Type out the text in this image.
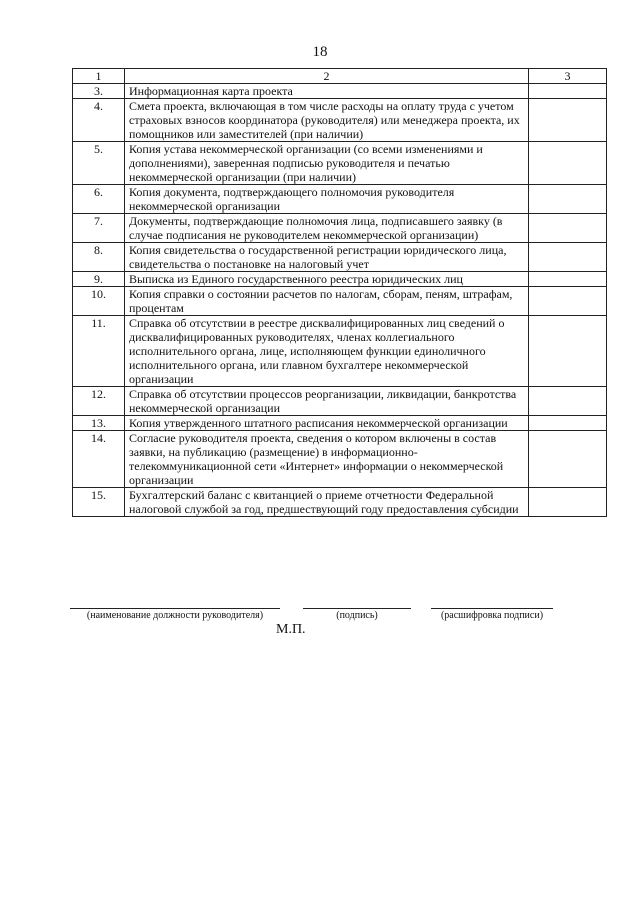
18
1	2	3
3.	Информационная карта проекта	
4.	Смета проекта, включающая в том числе расходы на оплату труда с учетом страховых взносов координатора (руководителя) или менеджера проекта, их помощников или заместителей (при наличии)	
5.	Копия устава некоммерческой организации (со всеми изменениями и дополнениями), заверенная подписью руководителя и печатью некоммерческой организации (при наличии)	
6.	Копия документа, подтверждающего полномочия руководителя некоммерческой организации	
7.	Документы, подтверждающие полномочия лица, подписавшего заявку (в случае подписания не руководителем некоммерческой организации)	
8.	Копия свидетельства о государственной регистрации юридического лица, свидетельства о постановке на налоговый учет	
9.	Выписка из Единого государственного реестра юридических лиц	
10.	Копия справки о состоянии расчетов по налогам, сборам, пеням, штрафам, процентам	
11.	Справка об отсутствии в реестре дисквалифицированных лиц сведений о дисквалифицированных руководителях, членах коллегиального исполнительного органа, лице, исполняющем функции единоличного исполнительного органа, или главном бухгалтере некоммерческой организации	
12.	Справка об отсутствии процессов реорганизации, ликвидации, банкротства некоммерческой организации	
13.	Копия утвержденного штатного расписания некоммерческой организации	
14.	Согласие руководителя проекта, сведения о котором включены в состав заявки, на публикацию (размещение) в информационно-телекоммуникационной сети «Интернет» информации о некоммерческой организации	
15.	Бухгалтерский баланс с квитанцией о приеме отчетности Федеральной налоговой службой за год, предшествующий году предоставления субсидии	
(наименование должности руководителя)	(подпись)	(расшифровка подписи)
М.П.
